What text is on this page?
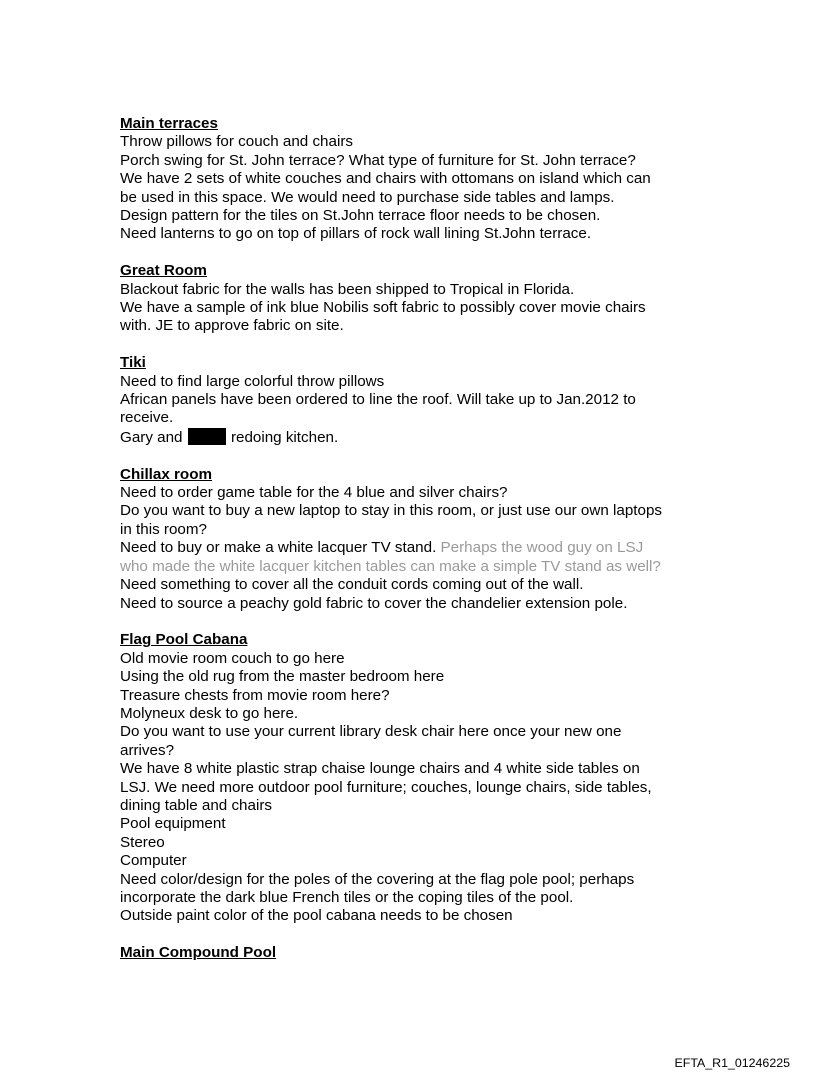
Main terraces
Throw pillows for couch and chairs
Porch swing for St. John terrace? What type of furniture for St. John terrace?
We have 2 sets of white couches and chairs with ottomans on island which can
be used in this space. We would need to purchase side tables and lamps.
Design pattern for the tiles on St.John terrace floor needs to be chosen.
Need lanterns to go on top of pillars of rock wall lining St.John terrace.
Great Room
Blackout fabric for the walls has been shipped to Tropical in Florida.
We have a sample of ink blue Nobilis soft fabric to possibly cover movie chairs
with. JE to approve fabric on site.
Tiki
Need to find large colorful throw pillows
African panels have been ordered to line the roof. Will take up to Jan.2012 to
receive.
Gary and	redoing kitchen.
Chillax room
Need to order game table for the 4 blue and silver chairs?
Do you want to buy a new laptop to stay in this room, or just use our own laptops
in this room?
Need to buy or make a white lacquer TV stand. Perhaps the wood guy on LSJ
who made the white lacquer kitchen tables can make a simple TV stand as well?
Need something to cover all the conduit cords coming out of the wall.
Need to source a peachy gold fabric to cover the chandelier extension pole.
Flag Pool Cabana
Old movie room couch to go here
Using the old rug from the master bedroom here
Treasure chests from movie room here?
Molyneux desk to go here.
Do you want to use your current library desk chair here once your new one
arrives?
We have 8 white plastic strap chaise lounge chairs and 4 white side tables on
LSJ. We need more outdoor pool furniture; couches, lounge chairs, side tables,
dining table and chairs
Pool equipment
Stereo
Computer
Need color/design for the poles of the covering at the flag pole pool; perhaps
incorporate the dark blue French tiles or the coping tiles of the pool.
Outside paint color of the pool cabana needs to be chosen
Main Compound Pool
EFTA_R1_01246225
